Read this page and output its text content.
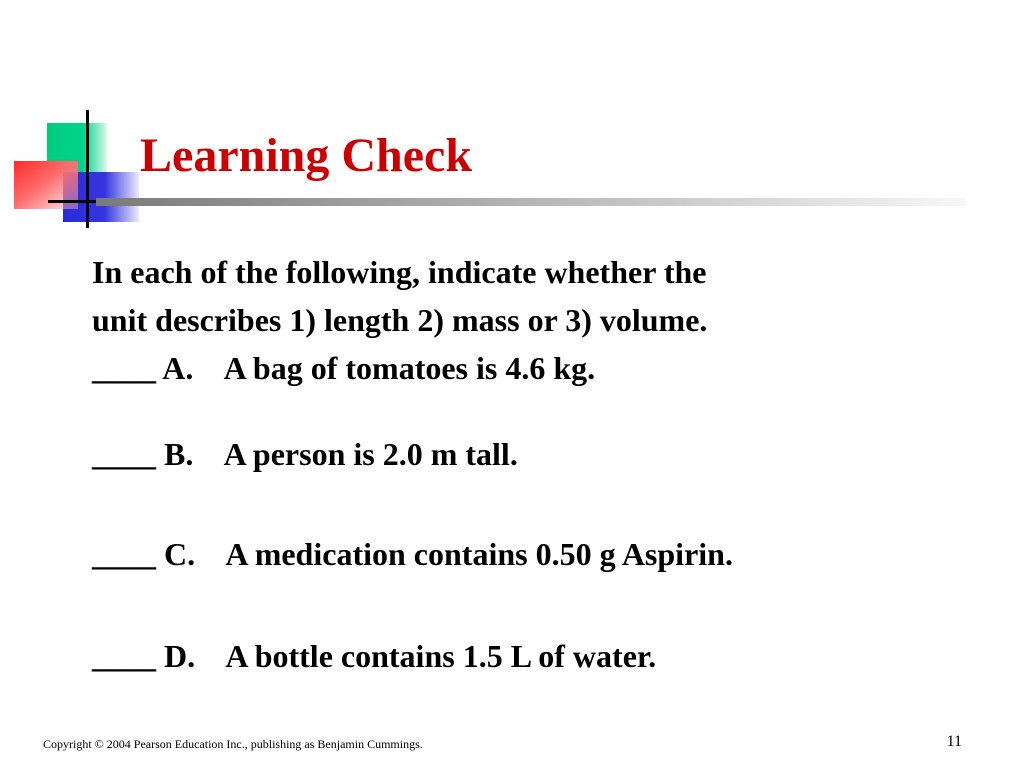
Learning Check

In each of the following, indicate whether the

unit describes 1) length 2) mass or 3) volume.

____ A.    A bag of tomatoes is 4.6 kg.
____ B.    A person is 2.0 m tall.
____ C.    A medication contains 0.50 g Aspirin.
____ D.    A bottle contains 1.5 L of water.
Copyright © 2004 Pearson Education Inc., publishing as Benjamin Cummings.	11
